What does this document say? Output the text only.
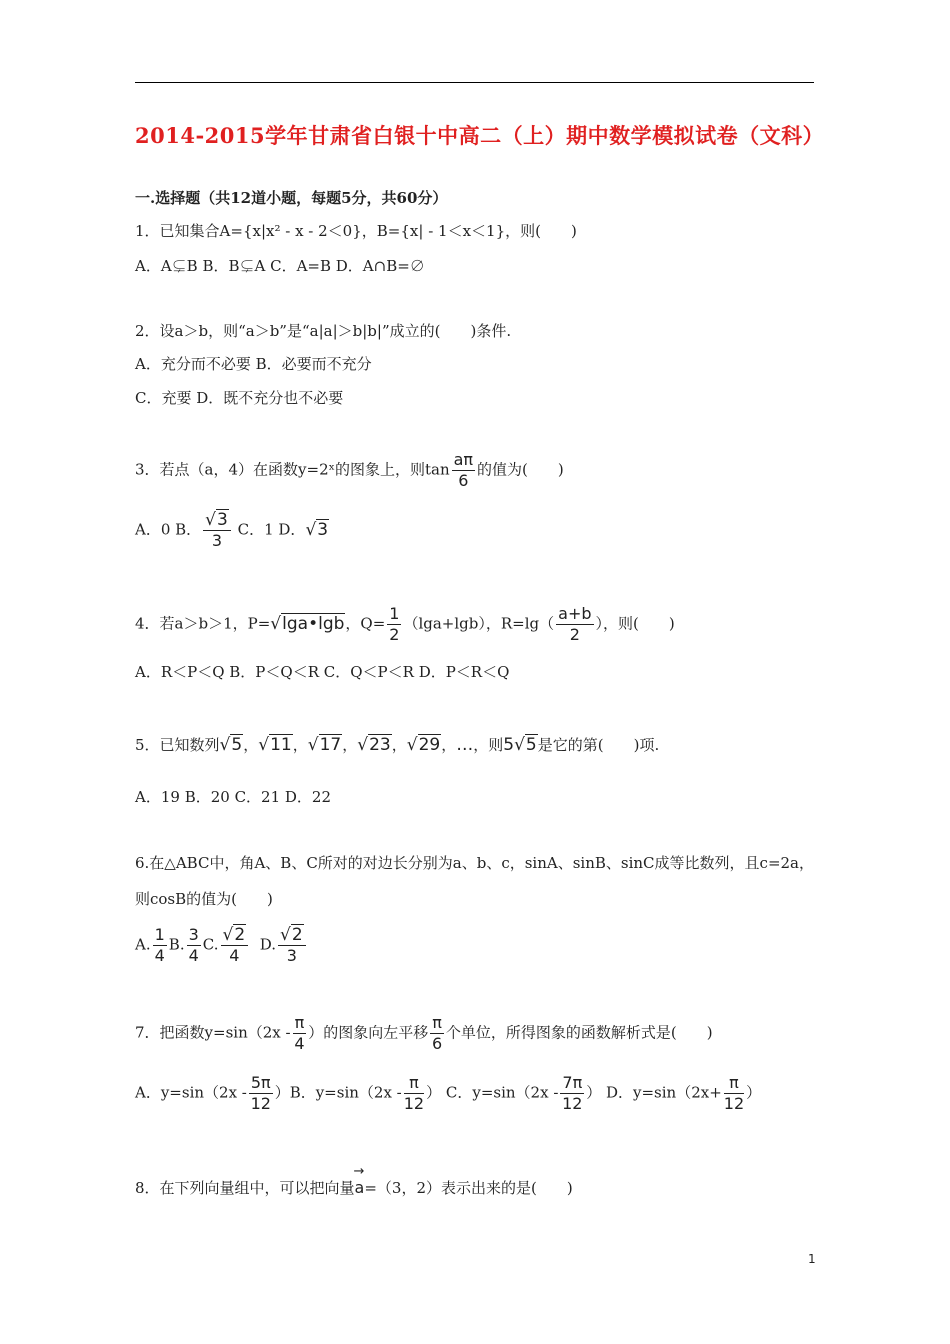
2014-2015学年甘肃省白银十中高二（上）期中数学模拟试卷（文科）
一.选择题（共12道小题，每题5分，共60分）
1．已知集合A={x|x² - x - 2＜0}，B={x| - 1＜x＜1}，则(　　)
A．A⊊B B．B⊊A C．A=B D．A∩B=∅
2．设a＞b，则“a＞b”是“a|a|＞b|b|”成立的(　　)条件.
A．充分而不必要 B．必要而不充分
C．充要 D．既不充分也不必要
3．若点（a，4）在函数y=2ˣ的图象上，则$\tan \frac{a\pi}{6}$ 的值为(　　)
A．0 B． $\frac{√3}{3}$ C．1 D．√3
4．若a＞b＞1，P=√lga•lgb，$Q= \frac{1}{2} (\lg a+\lg b)$，$R=\lg( \frac{a+b}{2}$ ），则(　　)
A．R＜P＜Q B．P＜Q＜R C．Q＜P＜R D．P＜R＜Q
5．已知数列√5，√11，√17，√23，√29，…，则5√5是它的第(　　)项.
A．19 B．20 C．21 D．22
6.在△ABC中，角A、B、C所对的对边长分别为a、b、c，sinA、sinB、sinC成等比数列，且c=2a，
则cosB的值为(　　)
A. $\frac{1}{4} B$. $\frac{3}{4} C$. $\frac{√2}{4} D$. $\frac{√2}{3}$
7．把函数$y=\sin(2x - \frac{\pi}{4}$ ）的图象向左平移 $\frac{\pi}{6}$ 个单位，所得图象的函数解析式是(　　)
A．$y=\sin(2x - \frac{5\pi}{12} )B$．$y=\sin(2x - \frac{\pi}{12}$ ） C．$y=\sin(2x - \frac{7\pi}{12}$ ） D．$y=\sin(2x+ \frac{\pi}{12}$ ）
8．在下列向量组中，可以把向量→ a=（3，2）表示出来的是(　　)
1
